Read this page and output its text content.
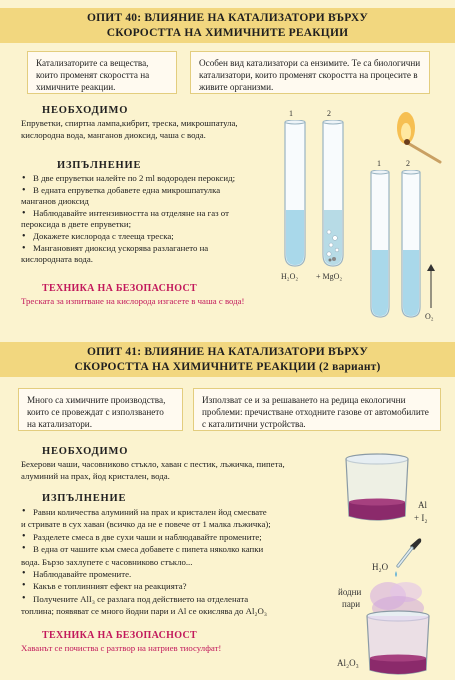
ОПИТ 40: ВЛИЯНИЕ НА КАТАЛИЗАТОРИ ВЪРХУ
СКОРОСТТА НА ХИМИЧНИТЕ РЕАКЦИИ
Катализаторите са вещества, които променят скоростта на химичните реакции.
Особен вид катализатори са ензимите. Те са биологични катализатори, които променят скоростта на процесите в живите организми.
НЕОБХОДИМО
Епруветки, спиртна лампа,кибрит, треска, микрошпатула, кислородна вода, манганов диоксид, чаша с вода.
ИЗПЪЛНЕНИЕ
• В две епруветки налейте по 2 ml водороден пероксид;
• В едната епруветка добавете една микрошпатулка
манганов диоксид
• Наблюдавайте интензивността на отделяне на газ от
пероксида в двете епруветки;
• Докажете кислорода с тлееща треска;
• Мангановият диоксид ускорява разлагането на
кислородната вода.
ТЕХНИКА НА БЕЗОПАСНОСТ
Треската за изпитване на кислорода изгасете в чаша с вода!
1	2
H₂O₂ + MgO₂
1	2
O₂
ОПИТ 41: ВЛИЯНИЕ НА КАТАЛИЗАТОРИ ВЪРХУ
СКОРОСТТА НА ХИМИЧНИТЕ РЕАКЦИИ (2 вариант)
Много са химичните производства, които се провеждат с използването на катализатори.
Използват се и за решаването на редица екологични проблеми: пречистване отходните газове от автомобилите с каталитични устройства.
НЕОБХОДИМО
Бехерови чаши, часовниково стъкло, хаван с пестик, лъжичка, пипета, алуминий на прах, йод кристален, вода.
ИЗПЪЛНЕНИЕ
• Равни количества алуминий на прах и кристален йод смесвате
и стривате в сух хаван (всичко да не е повече от 1 малка лъжичка);
• Разделете смеса в две сухи чаши и наблюдавайте промените;
• В една от чашите към смеса добавете с пипета няколко капки
вода. Бързо захлупете с часовниково стъкло...
• Наблюдавайте промените.
• Какъв е топлинният ефект на реакцията?
• Получените AlI₃ се разлага под действието на отделената
топлина; появяват се много йодни пари и Al се окислява до Al₂O₃
ТЕХНИКА НА БЕЗОПАСНОСТ
Хаванът се почиства с разтвор на натриев тиосулфат!
Al
+ I₂
H₂O
йодни
пари
Al₂O₃
